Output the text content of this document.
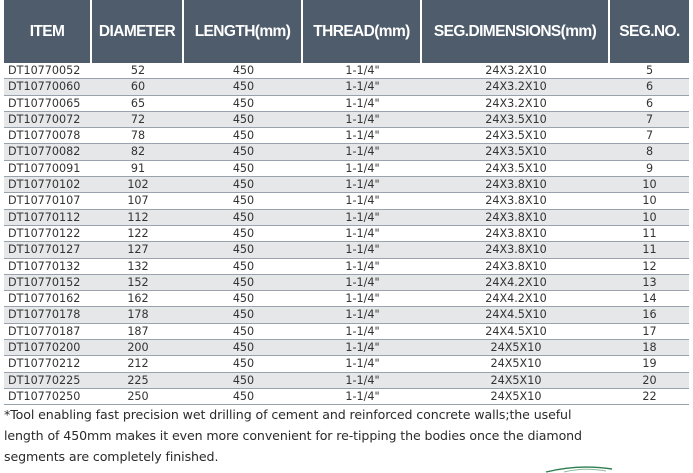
ITEM	DIAMETER	LENGTH(mm)	THREAD(mm)	SEG.DIMENSIONS(mm)	SEG.NO.
DT10770052	52	450	1-1/4"	24X3.2X10	5
DT10770060	60	450	1-1/4"	24X3.2X10	6
DT10770065	65	450	1-1/4"	24X3.2X10	6
DT10770072	72	450	1-1/4"	24X3.5X10	7
DT10770078	78	450	1-1/4"	24X3.5X10	7
DT10770082	82	450	1-1/4"	24X3.5X10	8
DT10770091	91	450	1-1/4"	24X3.5X10	9
DT10770102	102	450	1-1/4"	24X3.8X10	10
DT10770107	107	450	1-1/4"	24X3.8X10	10
DT10770112	112	450	1-1/4"	24X3.8X10	10
DT10770122	122	450	1-1/4"	24X3.8X10	11
DT10770127	127	450	1-1/4"	24X3.8X10	11
DT10770132	132	450	1-1/4"	24X3.8X10	12
DT10770152	152	450	1-1/4"	24X4.2X10	13
DT10770162	162	450	1-1/4"	24X4.2X10	14
DT10770178	178	450	1-1/4"	24X4.5X10	16
DT10770187	187	450	1-1/4"	24X4.5X10	17
DT10770200	200	450	1-1/4"	24X5X10	18
DT10770212	212	450	1-1/4"	24X5X10	19
DT10770225	225	450	1-1/4"	24X5X10	20
DT10770250	250	450	1-1/4"	24X5X10	22
*Tool enabling fast precision wet drilling of cement and reinforced concrete walls;the useful
length of 450mm makes it even more convenient for re-tipping the bodies once the diamond
segments are completely finished.
